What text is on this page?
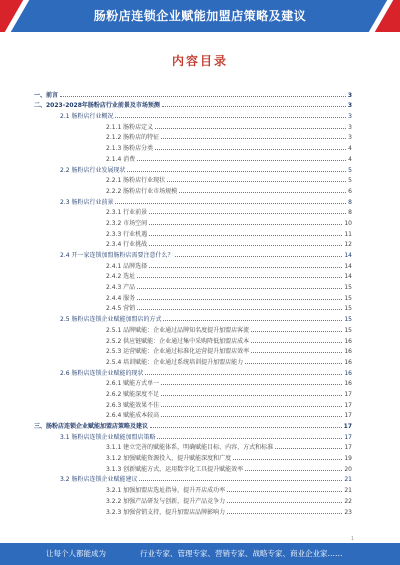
肠粉店连锁企业赋能加盟店策略及建议
内容目录
一、前言	3
二、2023-2028年肠粉店行业前景及市场预测	3
2.1 肠粉店行业概况	3
2.1.1 肠粉店定义	3
2.1.2 肠粉店的特征	3
2.1.3 肠粉店分类	4
2.1.4 消费	4
2.2 肠粉店行业发展现状	5
2.2.1 肠粉店行业现状	5
2.2.2 肠粉店行业市场规模	6
2.3 肠粉店行业前景	8
2.3.1 行业前景	8
2.3.2 市场空间	10
2.3.3 行业机遇	11
2.3.4 行业挑战	12
2.4 开一家连锁加盟肠粉店需要注意什么？	14
2.4.1 品牌选择	14
2.4.2 选址	14
2.4.3 产品	15
2.4.4 服务	15
2.4.5 营销	15
2.5 肠粉店连锁企业赋能加盟店的方式	15
2.5.1 品牌赋能：企业通过品牌知名度提升加盟店客流	15
2.5.2 供应链赋能：企业通过集中采购降低加盟店成本	16
2.5.3 运营赋能：企业通过标准化运营提升加盟店效率	16
2.5.4 培训赋能：企业通过系统培训提升加盟店能力	16
2.6 肠粉店连锁企业赋能的现状	16
2.6.1 赋能方式单一	16
2.6.2 赋能深度不足	17
2.6.3 赋能效果不佳	17
2.6.4 赋能成本较高	17
三、肠粉店连锁企业赋能加盟店策略及建议	17
3.1 肠粉店连锁企业赋能加盟店策略	17
3.1.1 建立完善的赋能体系，明确赋能目标、内容、方式和标准	17
3.1.2 加强赋能资源投入，提升赋能深度和广度	19
3.1.3 创新赋能方式，运用数字化工具提升赋能效率	20
3.2 肠粉店连锁企业赋能建议	21
3.2.1 加强加盟店选址指导，提升开店成功率	21
3.2.2 加强产品研发与创新，提升产品竞争力	22
3.2.3 加强营销支持，提升加盟店品牌影响力	23
1
让每个人都能成为	行业专家、管理专家、营销专家、战略专家、商业企业家……
